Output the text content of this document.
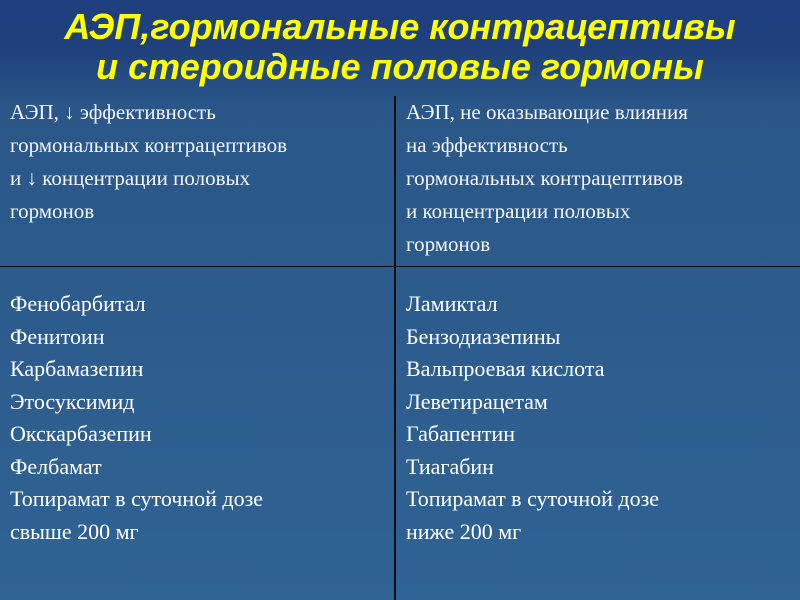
АЭП,гормональные контрацептивы
и стероидные половые гормоны
АЭП, ↓ эффективность
гормональных контрацептивов
и ↓ концентрации половых
гормонов
АЭП, не оказывающие влияния
на эффективность
гормональных контрацептивов
и концентрации половых
гормонов
Фенобарбитал
Фенитоин
Карбамазепин
Этосуксимид
Окскарбазепин
Фелбамат
Топирамат в суточной дозе
свыше 200 мг
Ламиктал
Бензодиазепины
Вальпроевая кислота
Леветирацетам
Габапентин
Тиагабин
Топирамат в суточной дозе
ниже 200 мг
